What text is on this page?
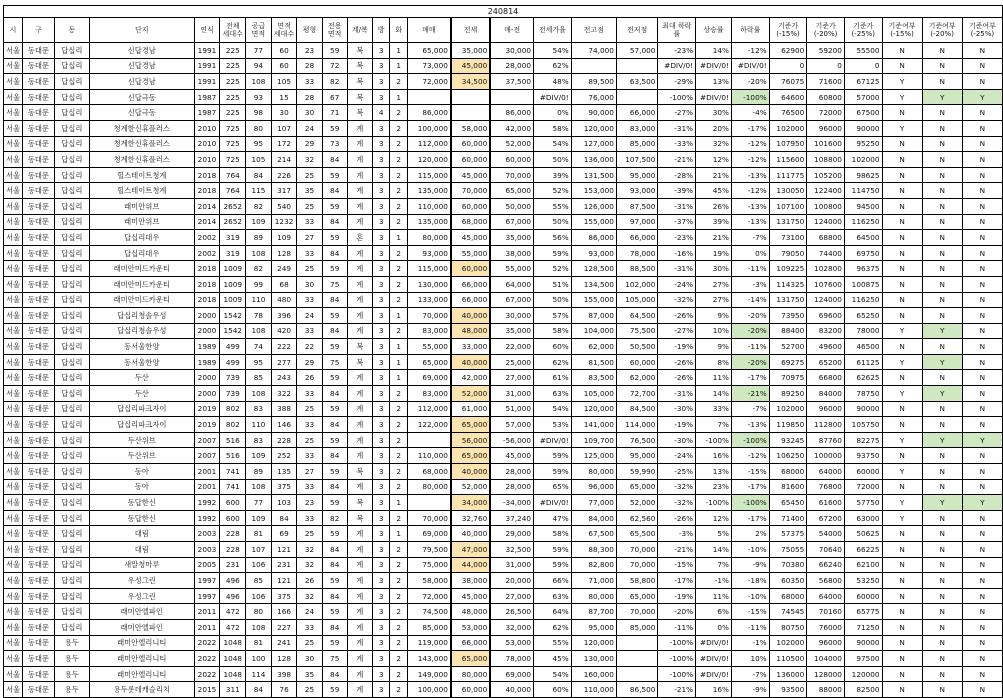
240814																											
시	구	동	단지	연식	전체 세대수	공급 면적	면적 세대수	평형	전용 면적	계/복	방	화	매매	전세	매-전	전세가율	전고점	전저점	최대 하락률	상승률	하락률	기준가 (-15%)	기준가 (-20%)	기준가 (-25%)	기준여부 (-15%)	기준여부 (-20%)	기준여부 (-25%)
서울	동대문	답십리	신답경남	1991	225	77	60	23	59	복	3	1	65,000	35,000	30,000	54%	74,000	57,000	-23%	14%	-12%	62900	59200	55500	N	N	N
서울	동대문	답십리	신답경남	1991	225	94	60	28	72	복	3	1	73,000	45,000	28,000	62%			#DIV/0!	#DIV/0!	#DIV/0!	0	0	0	N	N	N
서울	동대문	답십리	신답경남	1991	225	108	105	33	82	복	3	2	72,000	34,500	37,500	48%	89,500	63,500	-29%	13%	-20%	76075	71600	67125	Y	N	N
서울	동대문	답십리	신답극동	1987	225	93	15	28	67	복	3	1				#DIV/0!	76,000		-100%	#DIV/0!	-100%	64600	60800	57000	Y	Y	Y
서울	동대문	답십리	신답극동	1987	225	98	30	30	71	복	4	2	86,000		86,000	0%	90,000	66,000	-27%	30%	-4%	76500	72000	67500	N	N	N
서울	동대문	답십리	청계한신휴플러스	2010	725	80	107	24	59	계	3	2	100,000	58,000	42,000	58%	120,000	83,000	-31%	20%	-17%	102000	96000	90000	Y	N	N
서울	동대문	답십리	청계한신휴플러스	2010	725	95	172	29	73	계	3	2	112,000	60,000	52,000	54%	127,000	85,000	-33%	32%	-12%	107950	101600	95250	N	N	N
서울	동대문	답십리	청계한신휴플러스	2010	725	105	214	32	84	계	3	2	120,000	60,000	60,000	50%	136,000	107,500	-21%	12%	-12%	115600	108800	102000	N	N	N
서울	동대문	답십리	힐스테이트청계	2018	764	84	226	25	59	계	3	2	115,000	45,000	70,000	39%	131,500	95,000	-28%	21%	-13%	111775	105200	98625	N	N	N
서울	동대문	답십리	힐스테이트청계	2018	764	115	317	35	84	계	3	2	135,000	70,000	65,000	52%	153,000	93,000	-39%	45%	-12%	130050	122400	114750	N	N	N
서울	동대문	답십리	래미안위브	2014	2652	82	540	25	59	계	3	2	110,000	60,000	50,000	55%	126,000	87,500	-31%	26%	-13%	107100	100800	94500	N	N	N
서울	동대문	답십리	래미안위브	2014	2652	109	1232	33	84	계	3	2	135,000	68,000	67,000	50%	155,000	97,000	-37%	39%	-13%	131750	124000	116250	N	N	N
서울	동대문	답십리	답십리대우	2002	319	89	109	27	59	혼	3	1	80,000	45,000	35,000	56%	86,000	66,000	-23%	21%	-7%	73100	68800	64500	N	N	N
서울	동대문	답십리	답십리대우	2002	319	108	128	33	84	계	3	2	93,000	55,000	38,000	59%	93,000	78,000	-16%	19%	0%	79050	74400	69750	N	N	N
서울	동대문	답십리	래미안미드카운티	2018	1009	82	249	25	59	계	3	2	115,000	60,000	55,000	52%	128,500	88,500	-31%	30%	-11%	109225	102800	96375	N	N	N
서울	동대문	답십리	래미안미드카운티	2018	1009	99	68	30	75	계	3	2	130,000	66,000	64,000	51%	134,500	102,000	-24%	27%	-3%	114325	107600	100875	N	N	N
서울	동대문	답십리	래미안미드카운티	2018	1009	110	480	33	84	계	3	2	133,000	66,000	67,000	50%	155,000	105,000	-32%	27%	-14%	131750	124000	116250	N	N	N
서울	동대문	답십리	답십리청솔우성	2000	1542	78	396	24	59	계	3	1	70,000	40,000	30,000	57%	87,000	64,500	-26%	9%	-20%	73950	69600	65250	N	N	N
서울	동대문	답십리	답십리청솔우성	2000	1542	108	420	33	84	계	3	2	83,000	48,000	35,000	58%	104,000	75,500	-27%	10%	-20%	88400	83200	78000	Y	Y	N
서울	동대문	답십리	동서울한양	1989	499	74	222	22	59	복	3	1	55,000	33,000	22,000	60%	62,000	50,500	-19%	9%	-11%	52700	49600	46500	N	N	N
서울	동대문	답십리	동서울한양	1989	499	95	277	29	75	복	3	1	65,000	40,000	25,000	62%	81,500	60,000	-26%	8%	-20%	69275	65200	61125	Y	Y	N
서울	동대문	답십리	두산	2000	739	85	243	26	59	계	3	1	69,000	42,000	27,000	61%	83,500	62,000	-26%	11%	-17%	70975	66800	62625	N	N	N
서울	동대문	답십리	두산	2000	739	108	322	33	84	계	3	2	83,000	52,000	31,000	63%	105,000	72,700	-31%	14%	-21%	89250	84000	78750	Y	Y	N
서울	동대문	답십리	답십리파크자이	2019	802	83	388	25	59	계	3	2	112,000	61,000	51,000	54%	120,000	84,500	-30%	33%	-7%	102000	96000	90000	N	N	N
서울	동대문	답십리	답십리파크자이	2019	802	110	146	33	84	계	3	2	122,000	65,000	57,000	53%	141,000	114,000	-19%	7%	-13%	119850	112800	105750	N	N	N
서울	동대문	답십리	두산위브	2007	516	83	228	25	59	계	3	2		56,000	-56,000	#DIV/0!	109,700	76,500	-30%	-100%	-100%	93245	87760	82275	Y	Y	Y
서울	동대문	답십리	두산위브	2007	516	109	252	33	84	계	3	2	110,000	65,000	45,000	59%	125,000	95,000	-24%	16%	-12%	106250	100000	93750	N	N	N
서울	동대문	답십리	동아	2001	741	89	135	27	59	복	3	2	68,000	40,000	28,000	59%	80,000	59,990	-25%	13%	-15%	68000	64000	60000	Y	N	N
서울	동대문	답십리	동아	2001	741	108	375	33	84	계	3	2	80,000	52,000	28,000	65%	96,000	65,000	-32%	23%	-17%	81600	76800	72000	N	N	N
서울	동대문	답십리	동답한신	1992	600	77	103	23	59	복	3	1		34,000	-34,000	#DIV/0!	77,000	52,000	-32%	-100%	-100%	65450	61600	57750	Y	Y	Y
서울	동대문	답십리	동답한신	1992	600	109	84	33	82	복	3	2	70,000	32,760	37,240	47%	84,000	62,560	-26%	12%	-17%	71400	67200	63000	Y	N	N
서울	동대문	답십리	대림	2003	228	81	69	25	59	계	3	1	69,000	40,000	29,000	58%	67,500	65,500	-3%	5%	2%	57375	54000	50625	N	N	N
서울	동대문	답십리	대림	2003	228	107	121	32	84	계	3	2	79,500	47,000	32,500	59%	88,300	70,000	-21%	14%	-10%	75055	70640	66225	N	N	N
서울	동대문	답십리	새말청마루	2005	231	106	231	32	84	계	3	2	75,000	44,000	31,000	59%	82,800	70,000	-15%	7%	-9%	70380	66240	62100	N	N	N
서울	동대문	답십리	우성그린	1997	496	85	121	26	59	계	3	2	58,000	38,000	20,000	66%	71,000	58,800	-17%	-1%	-18%	60350	56800	53250	N	N	N
서울	동대문	답십리	우성그린	1997	496	106	375	32	84	계	3	2	72,000	45,000	27,000	63%	80,000	65,000	-19%	11%	-10%	68000	64000	60000	N	N	N
서울	동대문	답십리	래미안엘파인	2011	472	80	166	24	59	계	3	2	74,500	48,000	26,500	64%	87,700	70,000	-20%	6%	-15%	74545	70160	65775	N	N	N
서울	동대문	답십리	래미안엘파인	2011	472	108	227	33	84	계	3	2	85,000	53,000	32,000	62%	95,000	85,000	-11%	0%	-11%	80750	76000	71250	N	N	N
서울	동대문	용두	래미안엘리니티	2022	1048	81	241	25	59	계	3	2	119,000	66,000	53,000	55%	120,000		-100%	#DIV/0!	-1%	102000	96000	90000	N	N	N
서울	동대문	용두	래미안엘리니티	2022	1048	100	128	30	75	계	3	2	143,000	65,000	78,000	45%	130,000		-100%	#DIV/0!	10%	110500	104000	97500	N	N	N
서울	동대문	용두	래미안엘리니티	2022	1048	114	398	35	84	계	3	2	149,000	80,000	69,000	54%	160,000		-100%	#DIV/0!	-7%	136000	128000	120000	N	N	N
서울	동대문	용두	용두롯데캐슬리치	2015	311	84	76	25	59	계	3	2	100,000	60,000	40,000	60%	110,000	86,500	-21%	16%	-9%	93500	88000	82500	N	N	N
